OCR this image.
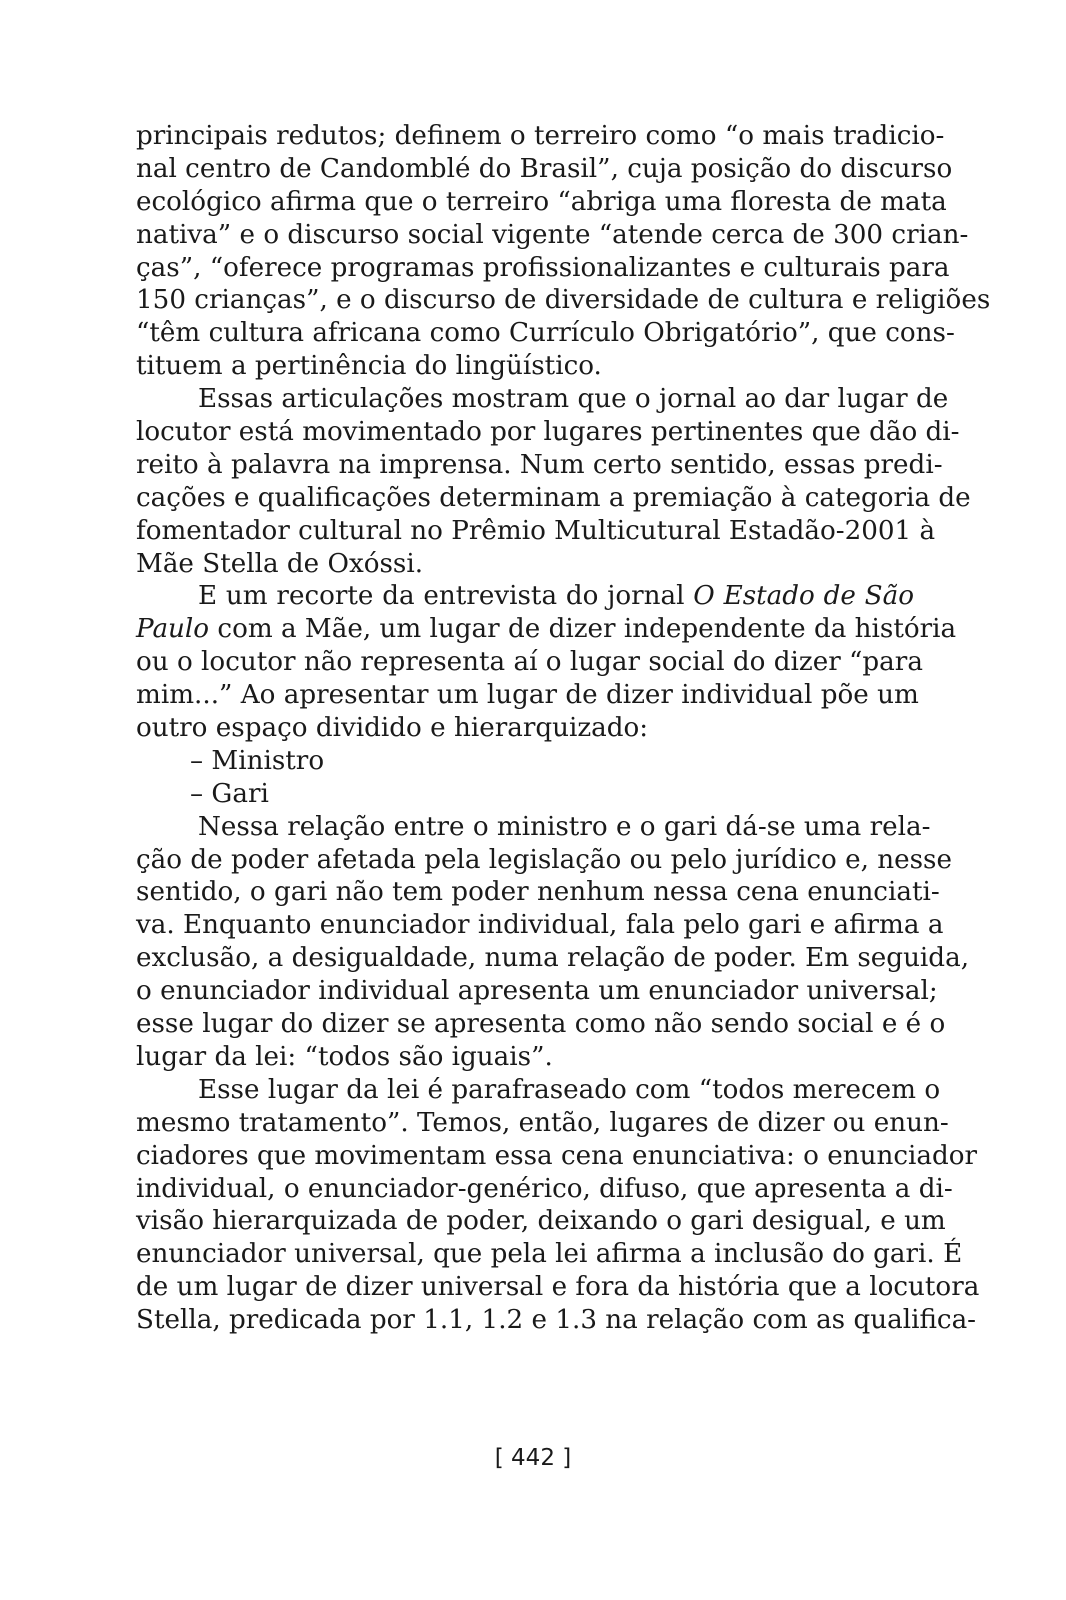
principais redutos; definem o terreiro como “o mais tradicio-
nal centro de Candomblé do Brasil”, cuja posição do discurso
ecológico afirma que o terreiro “abriga uma floresta de mata
nativa” e o discurso social vigente “atende cerca de 300 crian-
ças”, “oferece programas profissionalizantes e culturais para
150 crianças”, e o discurso de diversidade de cultura e religiões
“têm cultura africana como Currículo Obrigatório”, que cons-
tituem a pertinência do lingüístico.
Essas articulações mostram que o jornal ao dar lugar de
locutor está movimentado por lugares pertinentes que dão di-
reito à palavra na imprensa. Num certo sentido, essas predi-
cações e qualificações determinam a premiação à categoria de
fomentador cultural no Prêmio Multicutural Estadão-2001 à
Mãe Stella de Oxóssi.
E um recorte da entrevista do jornal O Estado de São
Paulo com a Mãe, um lugar de dizer independente da história
ou o locutor não representa aí o lugar social do dizer “para
mim...” Ao apresentar um lugar de dizer individual põe um
outro espaço dividido e hierarquizado:
– Ministro
– Gari
Nessa relação entre o ministro e o gari dá-se uma rela-
ção de poder afetada pela legislação ou pelo jurídico e, nesse
sentido, o gari não tem poder nenhum nessa cena enunciati-
va. Enquanto enunciador individual, fala pelo gari e afirma a
exclusão, a desigualdade, numa relação de poder. Em seguida,
o enunciador individual apresenta um enunciador universal;
esse lugar do dizer se apresenta como não sendo social e é o
lugar da lei: “todos são iguais”.
Esse lugar da lei é parafraseado com “todos merecem o
mesmo tratamento”. Temos, então, lugares de dizer ou enun-
ciadores que movimentam essa cena enunciativa: o enunciador
individual, o enunciador-genérico, difuso, que apresenta a di-
visão hierarquizada de poder, deixando o gari desigual, e um
enunciador universal, que pela lei afirma a inclusão do gari. É
de um lugar de dizer universal e fora da história que a locutora
Stella, predicada por 1.1, 1.2 e 1.3 na relação com as qualifica-
[ 442 ]
